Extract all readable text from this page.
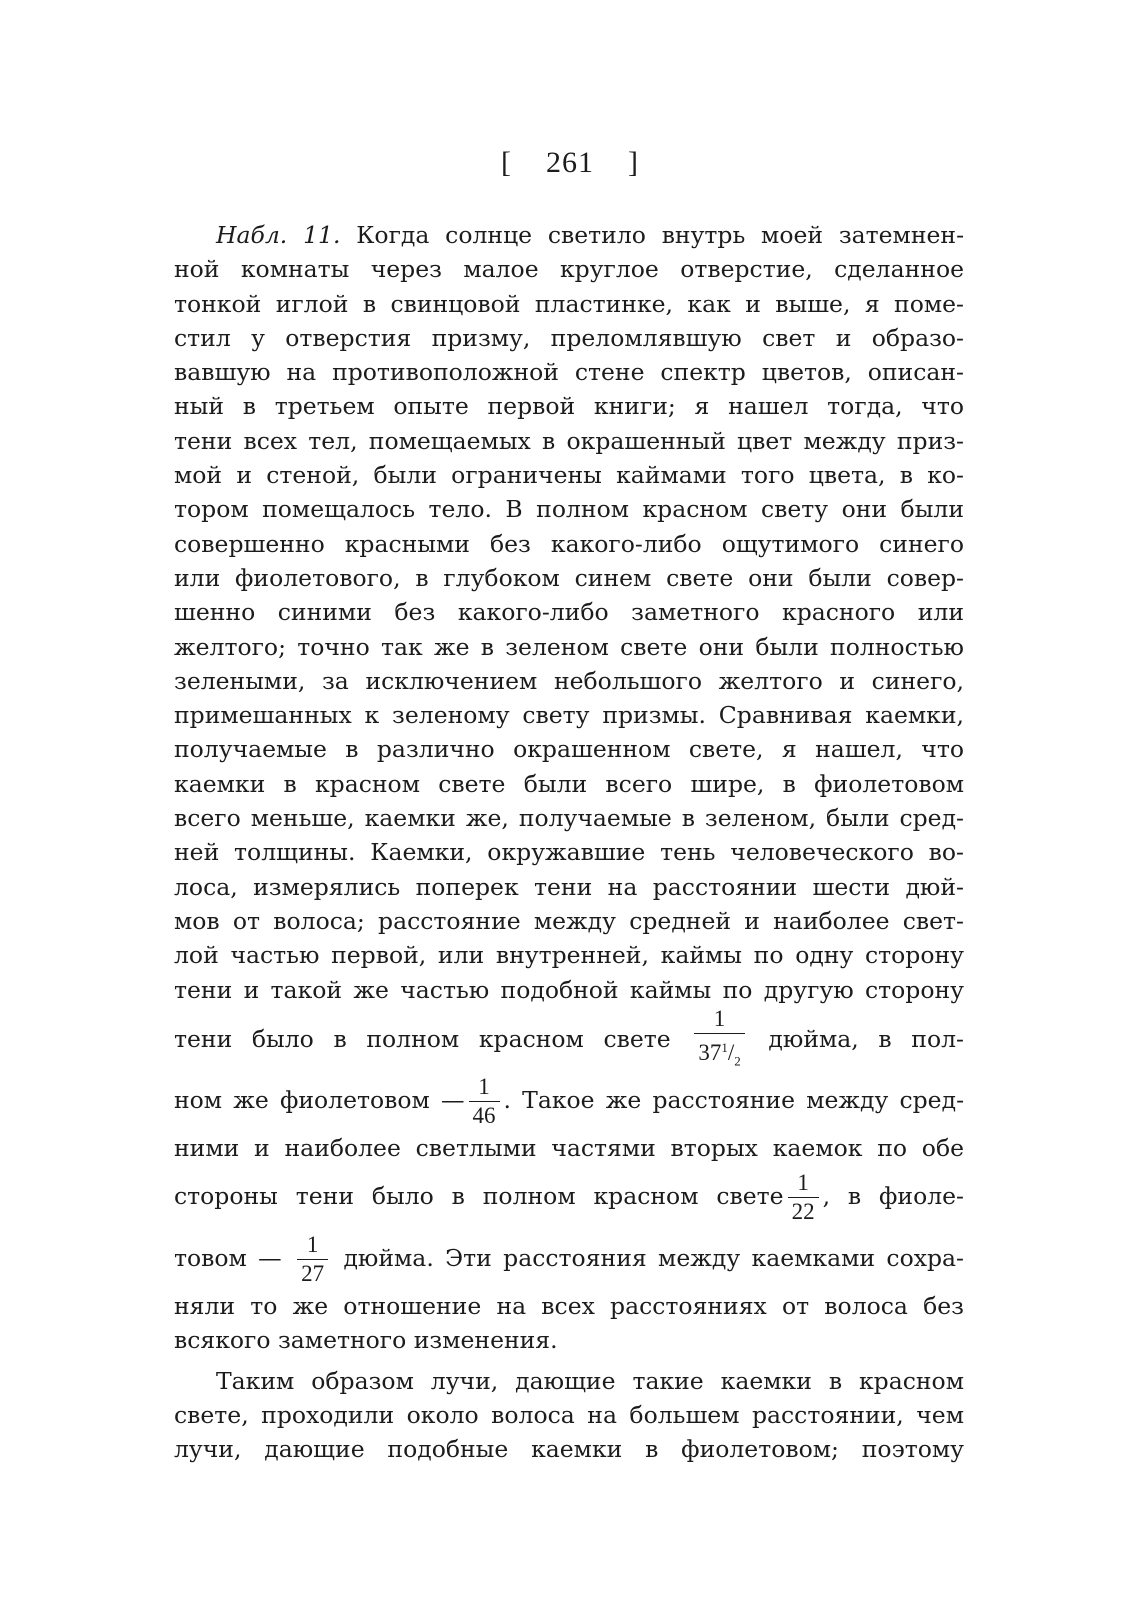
[ 261 ]
Набл. 11. Когда солнце светило внутрь моей затемнен-
ной комнаты через малое круглое отверстие, сделанное
тонкой иглой в свинцовой пластинке, как и выше, я поме-
стил у отверстия призму, преломлявшую свет и образо-
вавшую на противоположной стене спектр цветов, описан-
ный в третьем опыте первой книги; я нашел тогда, что
тени всех тел, помещаемых в окрашенный цвет между приз-
мой и стеной, были ограничены каймами того цвета, в ко-
тором помещалось тело. В полном красном свету они были
совершенно красными без какого-либо ощутимого синего
или фиолетового, в глубоком синем свете они были совер-
шенно синими без какого-либо заметного красного или
желтого; точно так же в зеленом свете они были полностью
зелеными, за исключением небольшого желтого и синего,
примешанных к зеленому свету призмы. Сравнивая каемки,
получаемые в различно окрашенном свете, я нашел, что
каемки в красном свете были всего шире, в фиолетовом
всего меньше, каемки же, получаемые в зеленом, были сред-
ней толщины. Каемки, окружавшие тень человеческого во-
лоса, измерялись поперек тени на расстоянии шести дюй-
мов от волоса; расстояние между средней и наиболее свет-
лой частью первой, или внутренней, каймы по одну сторону
тени и такой же частью подобной каймы по другую сторону
тени было в полном красном свете $\frac{1}{37^1/_2}$ дюйма, в пол-
ном же фиолетовом — $\frac{1}{46}$ . Такое же расстояние между сред-
ними и наиболее светлыми частями вторых каемок по обе
стороны тени было в полном красном свете $\frac{1}{22}$ , в фиоле-
товом — $\frac{1}{27}$ дюйма. Эти расстояния между каемками сохра-
няли то же отношение на всех расстояниях от волоса без
всякого заметного изменения.
Таким образом лучи, дающие такие каемки в красном
свете, проходили около волоса на большем расстоянии, чем
лучи, дающие подобные каемки в фиолетовом; поэтому
